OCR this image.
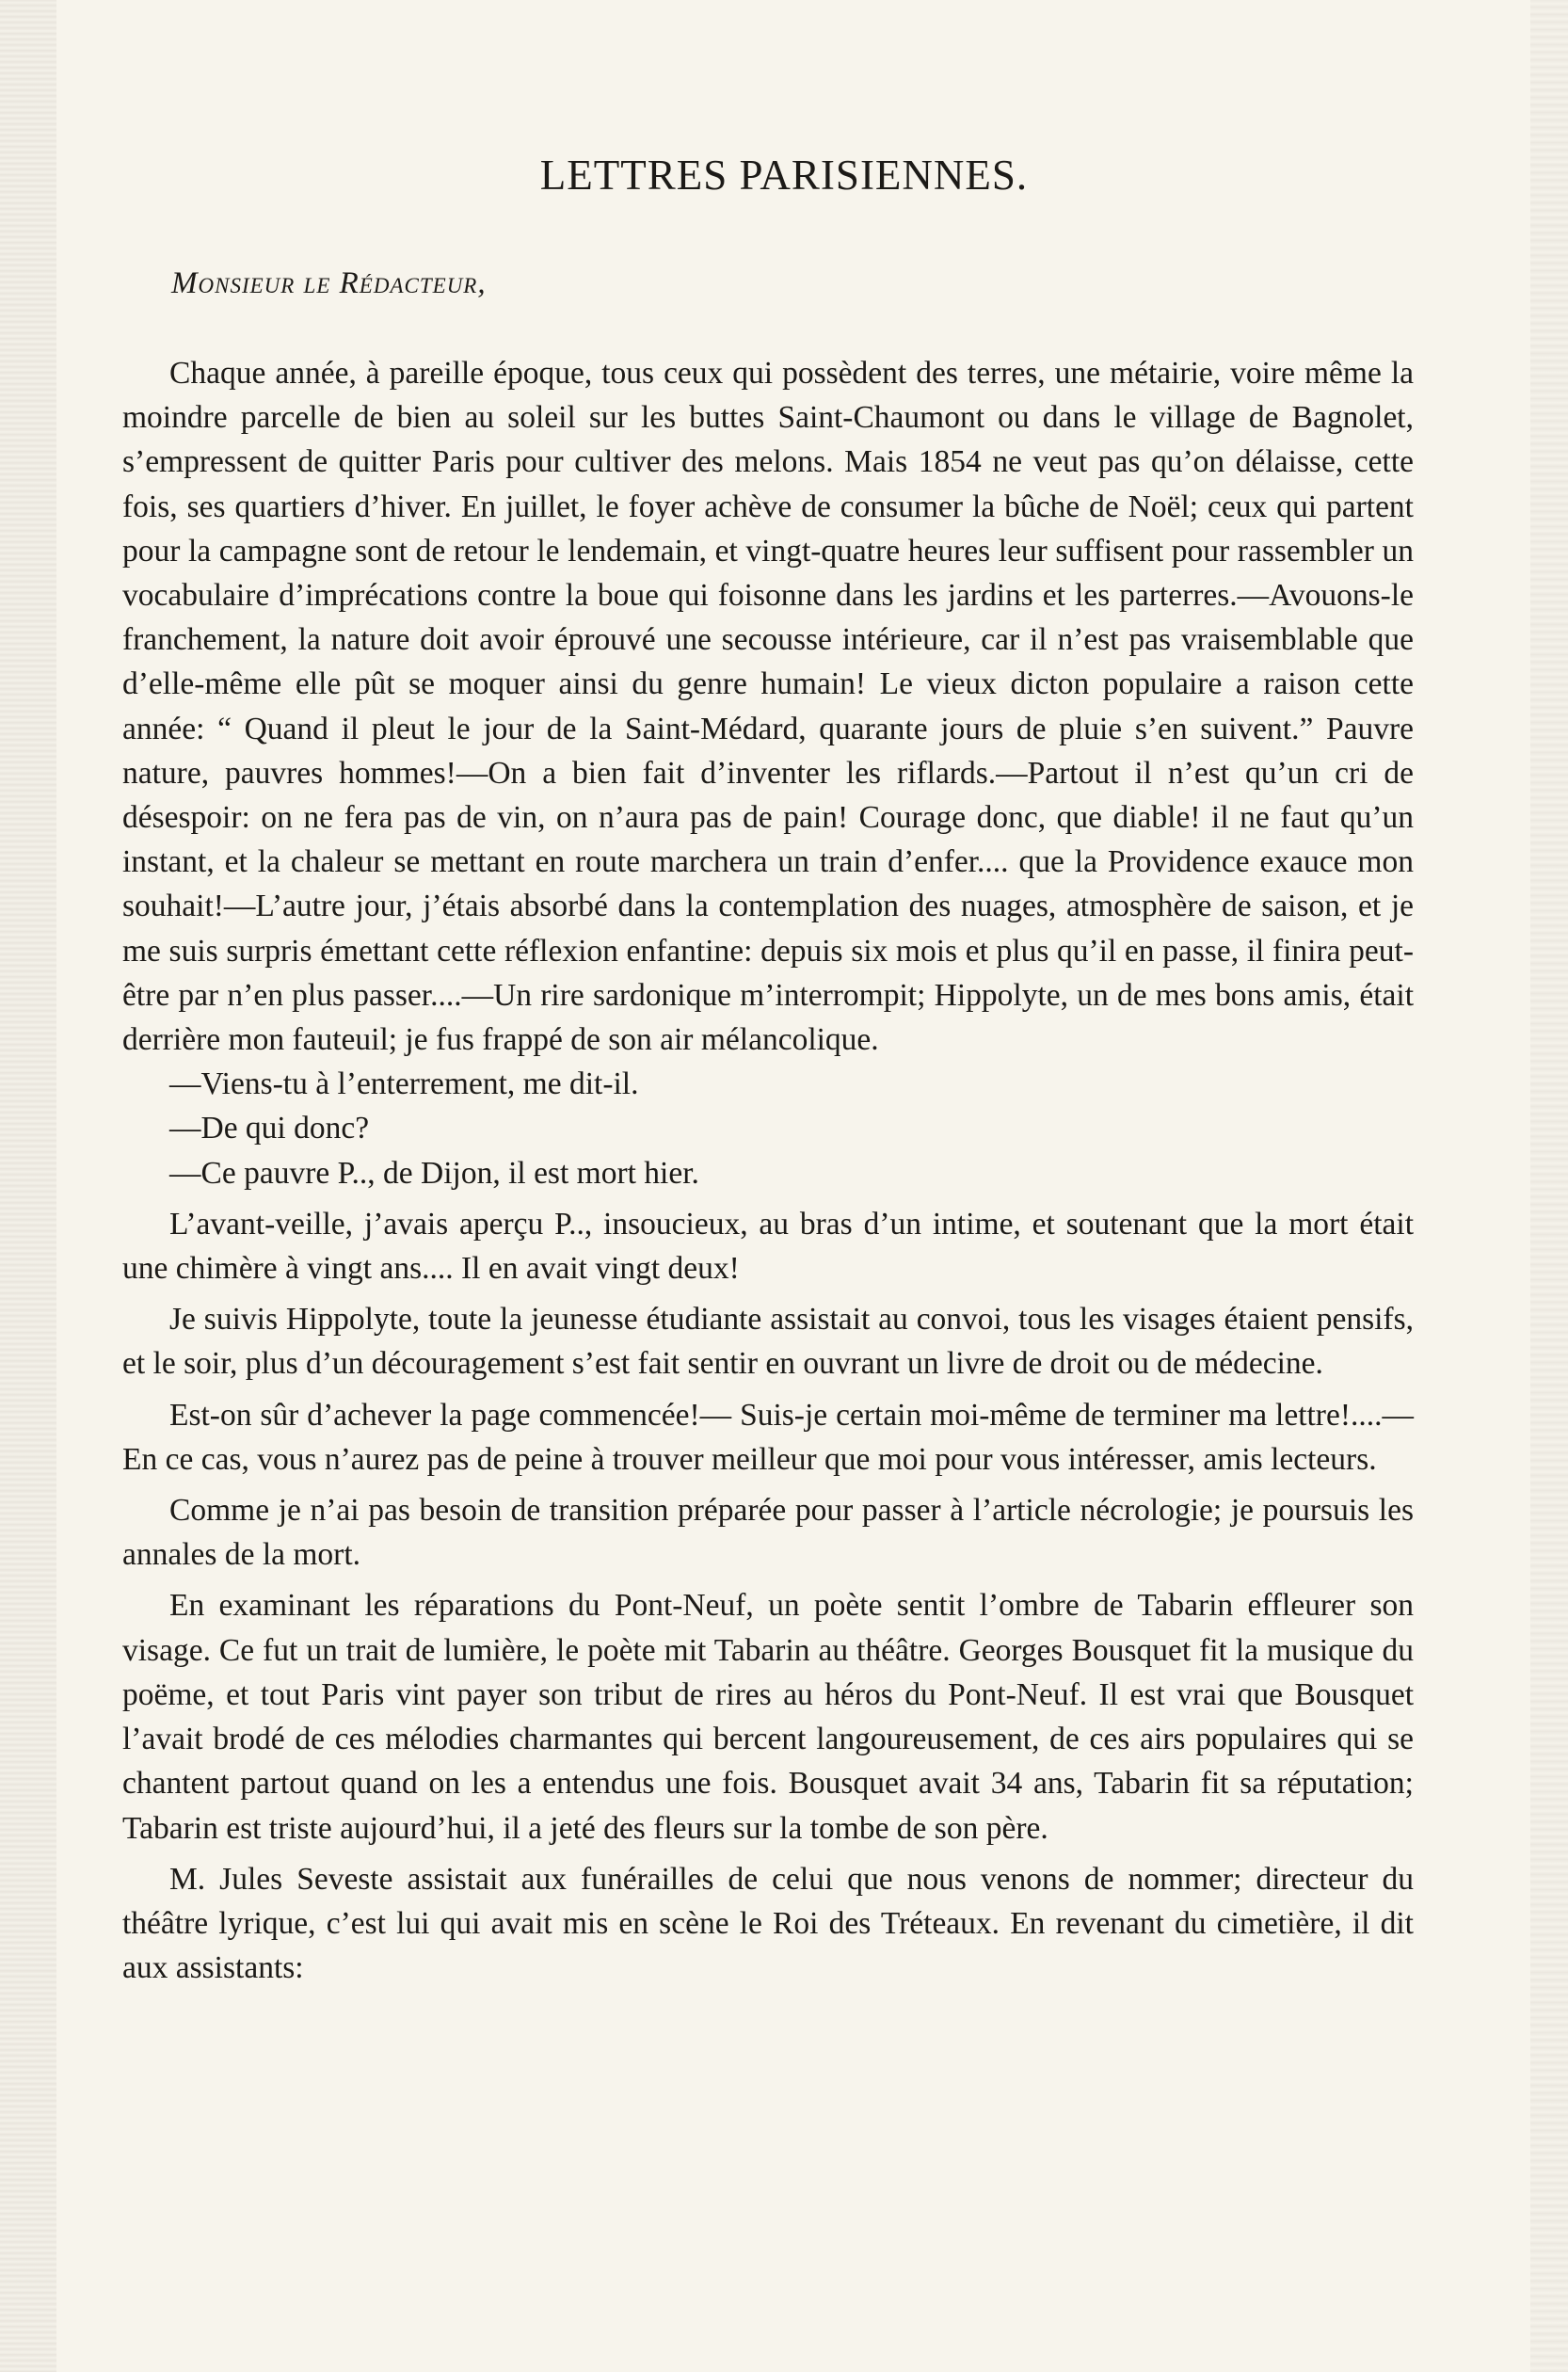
LETTRES PARISIENNES.

Monsieur le Rédacteur,

Chaque année, à pareille époque, tous ceux qui possèdent des terres, une métairie, voire même la moindre parcelle de bien au soleil sur les buttes Saint-Chaumont ou dans le village de Bagnolet, s’empressent de quitter Paris pour cultiver des melons. Mais 1854 ne veut pas qu’on délaisse, cette fois, ses quartiers d’hiver. En juillet, le foyer achève de consumer la bûche de Noël; ceux qui partent pour la campagne sont de retour le lendemain, et vingt-quatre heures leur suffisent pour rassembler un vocabulaire d’imprécations contre la boue qui foisonne dans les jardins et les parterres.—Avouons-le franchement, la nature doit avoir éprouvé une secousse intérieure, car il n’est pas vraisemblable que d’elle-même elle pût se moquer ainsi du genre humain! Le vieux dicton populaire a raison cette année: “ Quand il pleut le jour de la Saint-Médard, quarante jours de pluie s’en suivent.” Pauvre nature, pauvres hommes!—On a bien fait d’inventer les riflards.—Partout il n’est qu’un cri de désespoir: on ne fera pas de vin, on n’aura pas de pain! Courage donc, que diable! il ne faut qu’un instant, et la chaleur se mettant en route marchera un train d’enfer.... que la Providence exauce mon souhait!—L’autre jour, j’étais absorbé dans la contemplation des nuages, atmosphère de saison, et je me suis surpris émettant cette réflexion enfantine: depuis six mois et plus qu’il en passe, il finira peut-être par n’en plus passer....—Un rire sardonique m’interrompit; Hippolyte, un de mes bons amis, était derrière mon fauteuil; je fus frappé de son air mélancolique.

—Viens-tu à l’enterrement, me dit-il.

—De qui donc?

—Ce pauvre P.., de Dijon, il est mort hier.

L’avant-veille, j’avais aperçu P.., insoucieux, au bras d’un intime, et soutenant que la mort était une chimère à vingt ans.... Il en avait vingt deux!

Je suivis Hippolyte, toute la jeunesse étudiante assistait au convoi, tous les visages étaient pensifs, et le soir, plus d’un découragement s’est fait sentir en ouvrant un livre de droit ou de médecine.

Est-on sûr d’achever la page commencée!— Suis-je certain moi-même de terminer ma lettre!....—En ce cas, vous n’aurez pas de peine à trouver meilleur que moi pour vous intéresser, amis lecteurs.

Comme je n’ai pas besoin de transition préparée pour passer à l’article nécrologie; je poursuis les annales de la mort.

En examinant les réparations du Pont-Neuf, un poète sentit l’ombre de Tabarin effleurer son visage. Ce fut un trait de lumière, le poète mit Tabarin au théâtre. Georges Bousquet fit la musique du poëme, et tout Paris vint payer son tribut de rires au héros du Pont-Neuf. Il est vrai que Bousquet l’avait brodé de ces mélodies charmantes qui bercent langoureusement, de ces airs populaires qui se chantent partout quand on les a entendus une fois. Bousquet avait 34 ans, Tabarin fit sa réputation; Tabarin est triste aujourd’hui, il a jeté des fleurs sur la tombe de son père.

M. Jules Seveste assistait aux funérailles de celui que nous venons de nommer; directeur du théâtre lyrique, c’est lui qui avait mis en scène le Roi des Tréteaux. En revenant du cimetière, il dit aux assistants:
